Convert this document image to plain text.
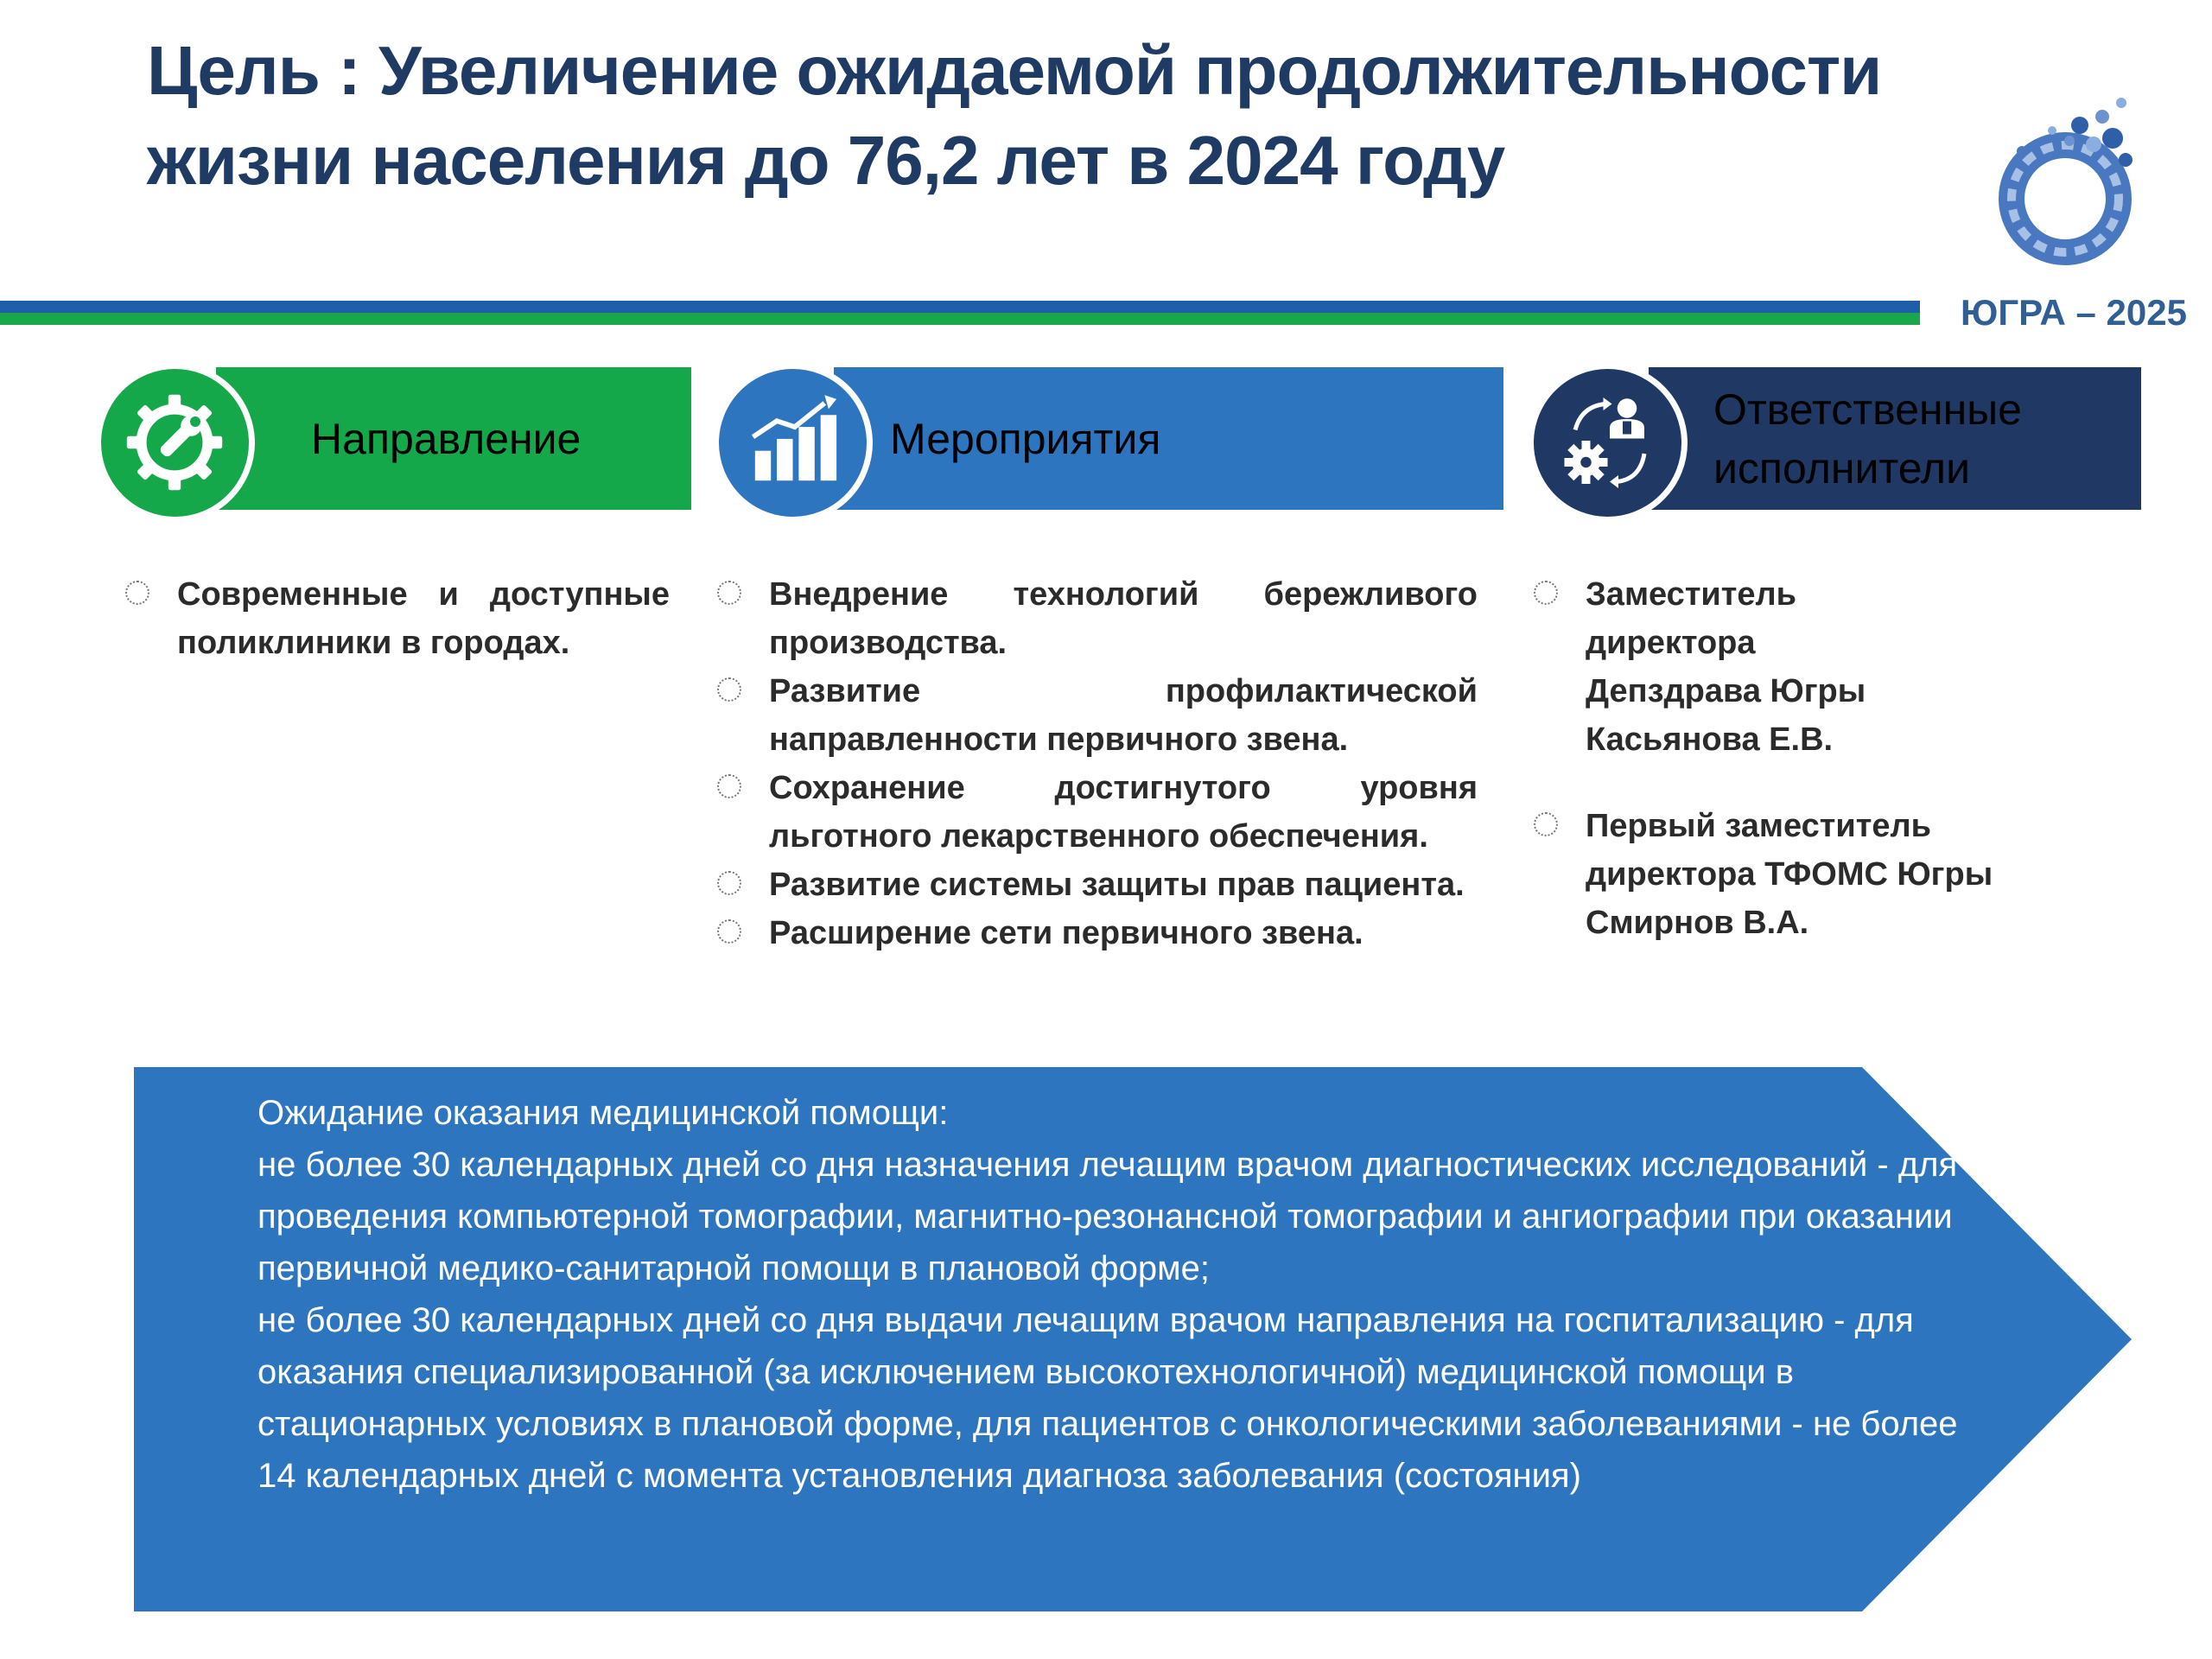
Цель : Увеличение ожидаемой продолжительности жизни населения до 76,2 лет в 2024 году
ЮГРА – 2025
Направление	Мероприятия
Ответственные исполнители
Современные и доступные поликлиники в городах.
Внедрение технологий бережливого производства.
Развитие профилактической направленности первичного звена.
Сохранение достигнутого уровня льготного лекарственного обеспечения.
Развитие системы защиты прав пациента.
Расширение сети первичного звена.
Заместитель директора Депздрава Югры Касьянова Е.В.
Первый заместитель директора ТФОМС Югры Смирнов В.А.

Ожидание оказания медицинской помощи:

не более 30 календарных дней со дня назначения лечащим врачом диагностических исследований - для проведения компьютерной томографии, магнитно-резонансной томографии и ангиографии при оказании первичной медико-санитарной помощи в плановой форме;

не более 30 календарных дней со дня выдачи лечащим врачом направления на госпитализацию - для оказания специализированной (за исключением высокотехнологичной) медицинской помощи в стационарных условиях в плановой форме, для пациентов с онкологическими заболеваниями - не более 14 календарных дней с момента установления диагноза заболевания (состояния)
